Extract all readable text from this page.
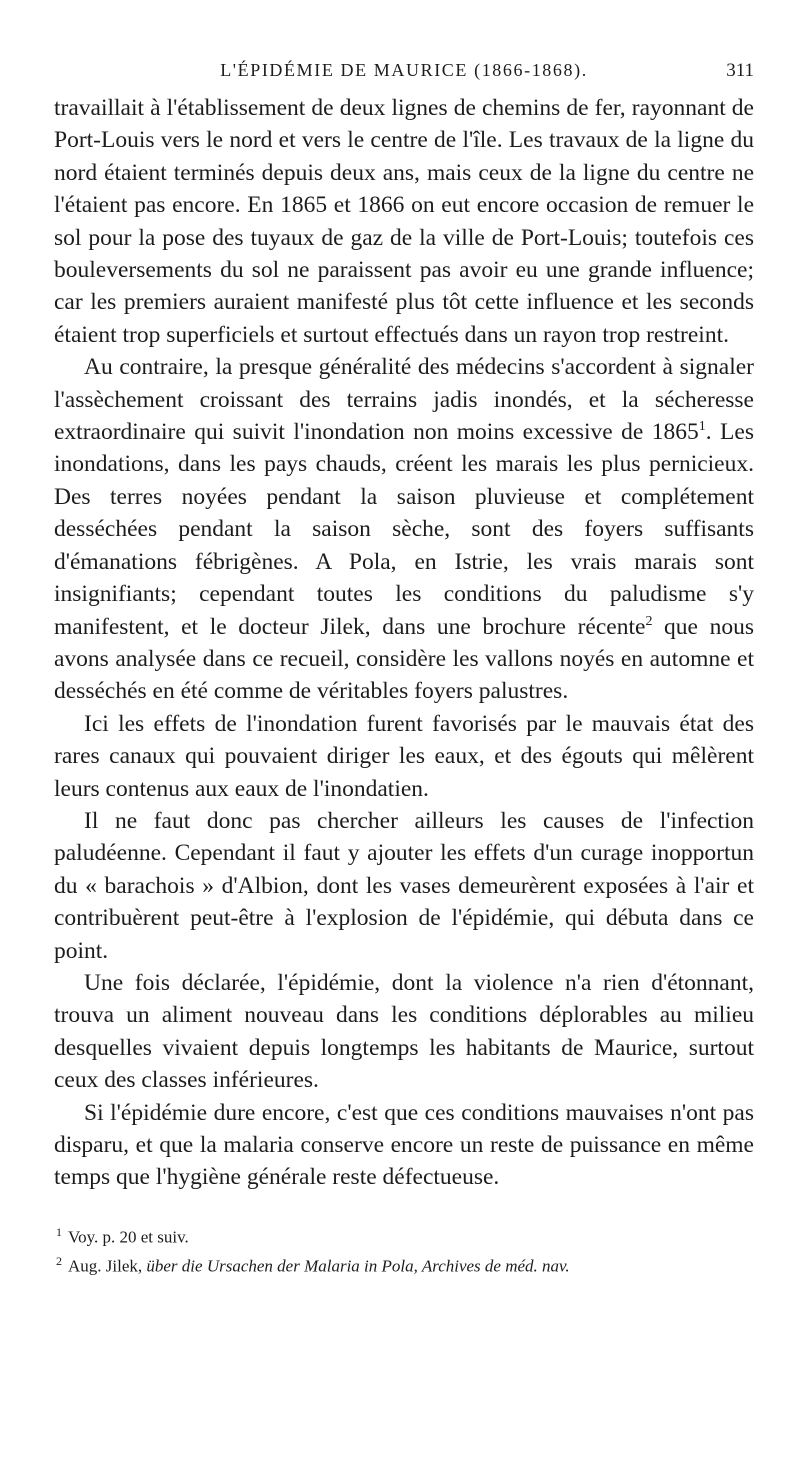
L'ÉPIDÉMIE DE MAURICE (1866-1868).	311

travaillait à l'établissement de deux lignes de chemins de fer, rayonnant de Port-Louis vers le nord et vers le centre de l'île. Les travaux de la ligne du nord étaient terminés depuis deux ans, mais ceux de la ligne du centre ne l'étaient pas encore. En 1865 et 1866 on eut encore occasion de remuer le sol pour la pose des tuyaux de gaz de la ville de Port-Louis; toutefois ces bouleversements du sol ne paraissent pas avoir eu une grande influence; car les premiers auraient manifesté plus tôt cette influence et les seconds étaient trop superficiels et surtout effectués dans un rayon trop restreint.

Au contraire, la presque généralité des médecins s'accordent à signaler l'assèchement croissant des terrains jadis inondés, et la sécheresse extraordinaire qui suivit l'inondation non moins excessive de 1865$^1$. Les inondations, dans les pays chauds, créent les marais les plus pernicieux. Des terres noyées pendant la saison pluvieuse et complétement desséchées pendant la saison sèche, sont des foyers suffisants d'émanations fébrigènes. A Pola, en Istrie, les vrais marais sont insignifiants; cependant toutes les conditions du paludisme s'y manifestent, et le docteur Jilek, dans une brochure récente$^2$ que nous avons analysée dans ce recueil, considère les vallons noyés en automne et desséchés en été comme de véritables foyers palustres.

Ici les effets de l'inondation furent favorisés par le mauvais état des rares canaux qui pouvaient diriger les eaux, et des égouts qui mêlèrent leurs contenus aux eaux de l'inondatien.

Il ne faut donc pas chercher ailleurs les causes de l'infection paludéenne. Cependant il faut y ajouter les effets d'un curage inopportun du « barachois » d'Albion, dont les vases demeurèrent exposées à l'air et contribuèrent peut-être à l'explosion de l'épidémie, qui débuta dans ce point.

Une fois déclarée, l'épidémie, dont la violence n'a rien d'étonnant, trouva un aliment nouveau dans les conditions déplorables au milieu desquelles vivaient depuis longtemps les habitants de Maurice, surtout ceux des classes inférieures.

Si l'épidémie dure encore, c'est que ces conditions mauvaises n'ont pas disparu, et que la malaria conserve encore un reste de puissance en même temps que l'hygiène générale reste défectueuse.

$^1$ Voy. p. 20 et suiv.

$^2$ Aug. Jilek, über die Ursachen der Malaria in Pola, Archives de méd. nav.
